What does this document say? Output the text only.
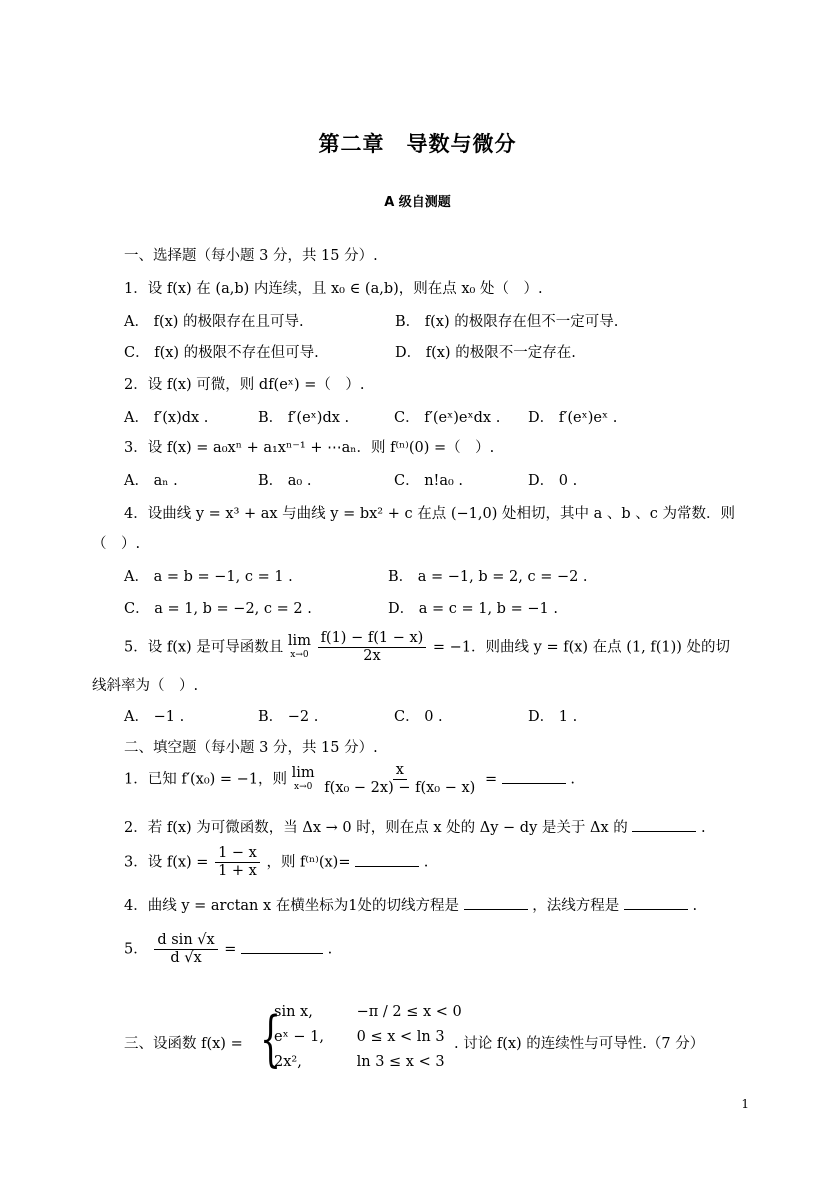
第二章　导数与微分
A 级自测题
一、选择题（每小题 3 分，共 15 分）.
1．设 f(x) 在 (a,b) 内连续，且 x₀ ∈ (a,b)，则在点 x₀ 处（　）.
A． f(x) 的极限存在且可导.	B． f(x) 的极限存在但不一定可导.
C． f(x) 的极限不存在但可导.	D． f(x) 的极限不一定存在.
2．设 f(x) 可微，则 df(eˣ) =（　）.
A． f′(x)dx .	B． f′(eˣ)dx .	C． f′(eˣ)eˣdx . D． f′(eˣ)eˣ .
3．设 f(x) = a₀xⁿ + a₁xⁿ⁻¹ + ⋯aₙ．则 f⁽ⁿ⁾(0) =（　）.
A． aₙ .	B． a₀ .	C． n!a₀ .	D． 0 .
4．设曲线 y = x³ + ax 与曲线 y = bx² + c 在点 (−1,0) 处相切，其中 a 、b 、c 为常数．则
（　）.
A． a = b = −1, c = 1 .	B． a = −1, b = 2, c = −2 .
C． a = 1, b = −2, c = 2 .	D． a = c = 1, b = −1 .
5．设 f(x) 是可导函数且 lim
x→0
$\frac{f(1) - f(1 - x)}{2x} = -1$．则曲线 y = f(x) 在点 (1, f(1)) 处的切
线斜率为（　）.
A． −1 .	B． −2 .	C． 0 .	D． 1 .
二、填空题（每小题 3 分，共 15 分）.
1．已知 f′(x₀) = −1，则 lim
x→0
$\frac{x}{\text{f(x₀ − 2x) − f(x₀ − x)}}$ =	.
2．若 f(x) 为可微函数，当 Δx → 0 时，则在点 x 处的 Δy − dy 是关于 Δx 的	.
3．设 $f(x) = \frac{1 - x}{1 + x}$ ，则 f⁽ⁿ⁾(x)=	.
4．曲线 y = arctan x 在横坐标为1处的切线方程是	，法线方程是	.
5． $\frac{\text{d sin √x}}{d √x}$ =	.
三、设函数 f(x) = {
sin x,	−π / 2 ≤ x < 0
eˣ − 1, 0 ≤ x < ln 3
2x²,	ln 3 ≤ x < 3
. 讨论 f(x) 的连续性与可导性.（7 分）
1
